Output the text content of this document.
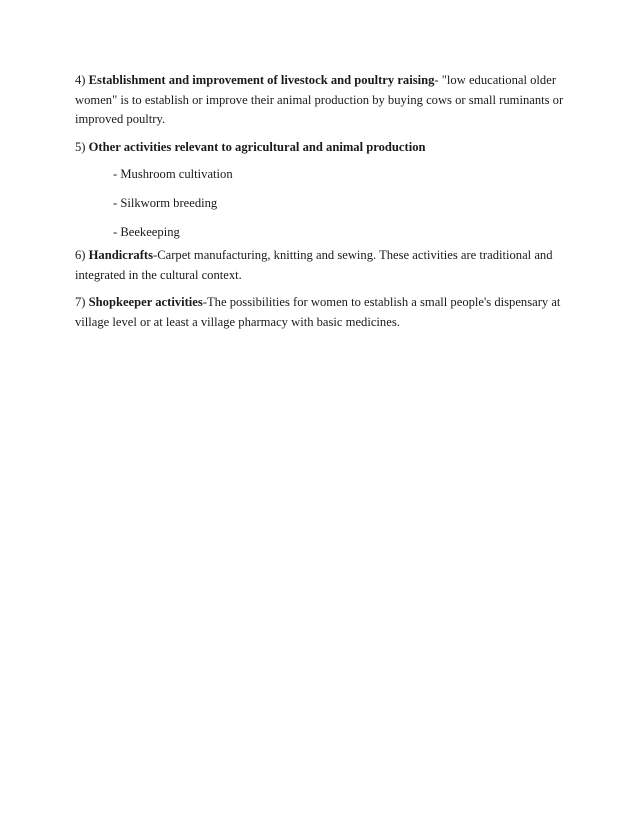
4) Establishment and improvement of livestock and poultry raising- "low educational older women" is to establish or improve their animal production by buying cows or small ruminants or improved poultry.

5) Other activities relevant to agricultural and animal production

- Mushroom cultivation

- Silkworm breeding

- Beekeeping

6) Handicrafts-Carpet manufacturing, knitting and sewing. These activities are traditional and integrated in the cultural context.

7) Shopkeeper activities-The possibilities for women to establish a small people's dispensary at village level or at least a village pharmacy with basic medicines.
